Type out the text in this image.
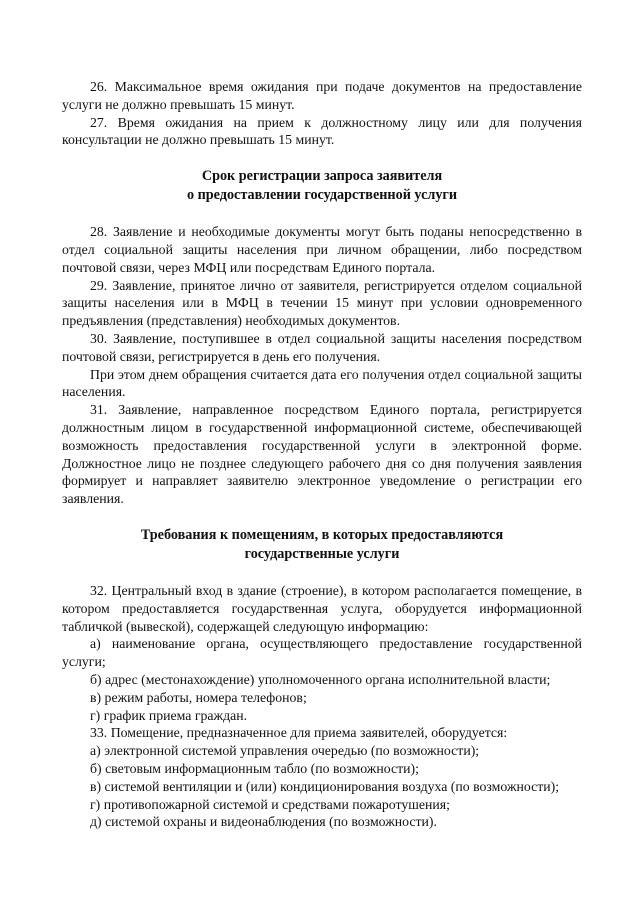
26. Максимальное время ожидания при подаче документов на предоставление услуги не должно превышать 15 минут.

27. Время ожидания на прием к должностному лицу или для получения консультации не должно превышать 15 минут.

Срок регистрации запроса заявителя
о предоставлении государственной услуги

28. Заявление и необходимые документы могут быть поданы непосредственно в отдел социальной защиты населения при личном обращении, либо посредством почтовой связи, через МФЦ или посредствам Единого портала.

29. Заявление, принятое лично от заявителя, регистрируется отделом социальной защиты населения или в МФЦ в течении 15 минут при условии одновременного предъявления (представления) необходимых документов.

30. Заявление, поступившее в отдел социальной защиты населения посредством почтовой связи, регистрируется в день его получения.

При этом днем обращения считается дата его получения отдел социальной защиты населения.

31. Заявление, направленное посредством Единого портала, регистрируется должностным лицом в государственной информационной системе, обеспечивающей возможность предоставления государственной услуги в электронной форме. Должностное лицо не позднее следующего рабочего дня со дня получения заявления формирует и направляет заявителю электронное уведомление о регистрации его заявления.

Требования к помещениям, в которых предоставляются
государственные услуги

32. Центральный вход в здание (строение), в котором располагается помещение, в котором предоставляется государственная услуга, оборудуется информационной табличкой (вывеской), содержащей следующую информацию:

а) наименование органа, осуществляющего предоставление государственной услуги;

б) адрес (местонахождение) уполномоченного органа исполнительной власти;

в) режим работы, номера телефонов;

г) график приема граждан.

33. Помещение, предназначенное для приема заявителей, оборудуется:

а) электронной системой управления очередью (по возможности);

б) световым информационным табло (по возможности);

в) системой вентиляции и (или) кондиционирования воздуха (по возможности);

г) противопожарной системой и средствами пожаротушения;

д) системой охраны и видеонаблюдения (по возможности).
